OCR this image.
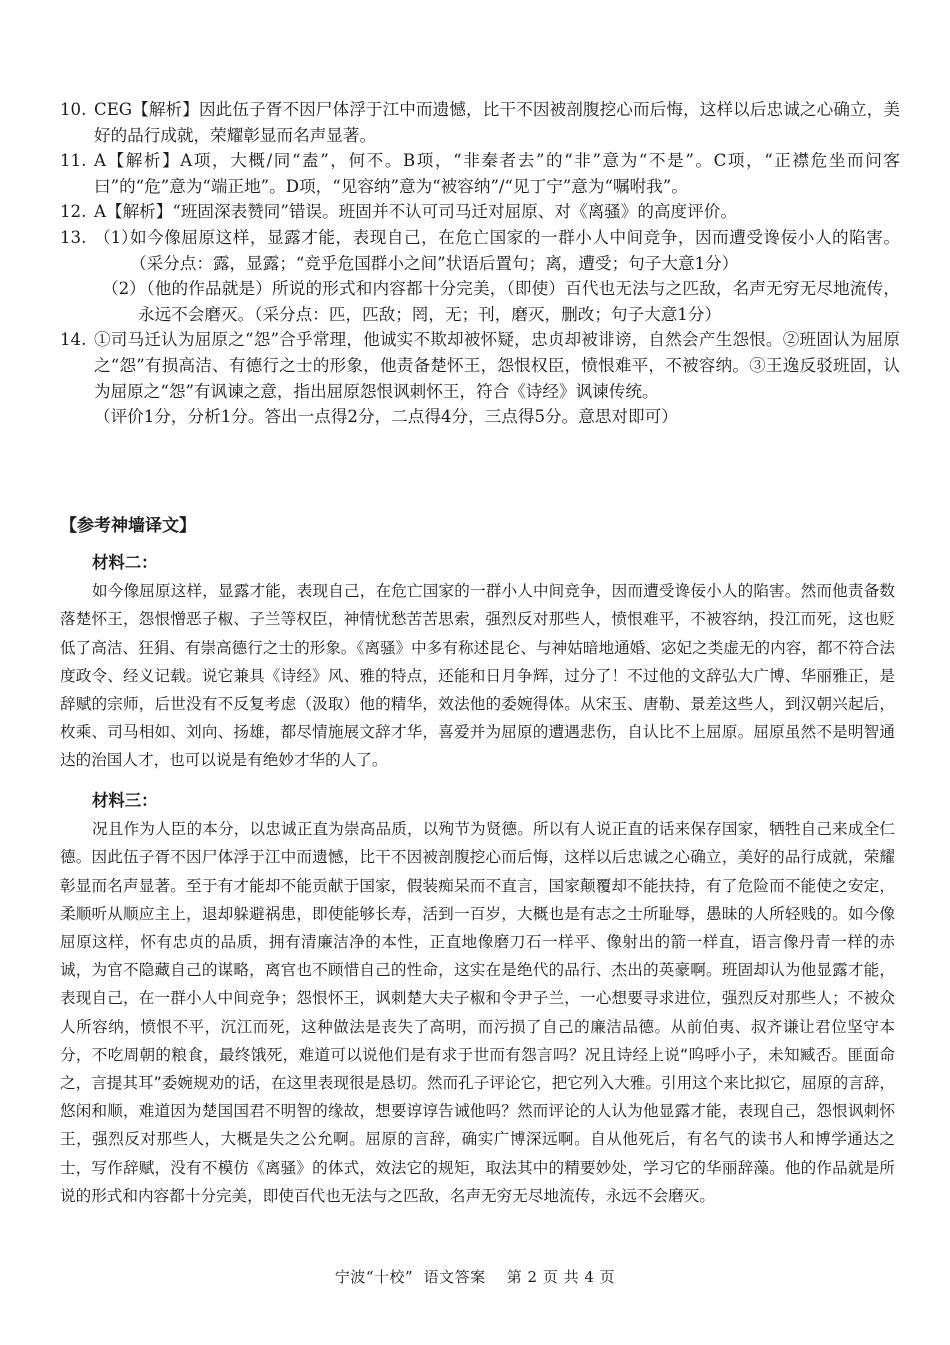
10. CEG【解析】因此伍子胥不因尸体浮于江中而遗憾，比干不因被剖腹挖心而后悔，这样以后忠诚之心确立，美好的品行成就，荣耀彰显而名声显著。
11. A【解析】A项，大概/同“盍”，何不。B项，“非秦者去”的“非”意为“不是”。C项，“正襟危坐而问客曰”的“危”意为“端正地”。D项，“见容纳”意为“被容纳”/“见丁宁”意为“嘱咐我”。
12. A【解析】“班固深表赞同”错误。班固并不认可司马迁对屈原、对《离骚》的高度评价。
13. （1）
如今像屈原这样，显露才能，表现自己，在危亡国家的一群小人中间竞争，因而遭受谗佞小人的陷害。（采分点：露，显露；“竞乎危国群小之间”状语后置句；离，遭受；句子大意1分）
（2）
（他的作品就是）所说的形式和内容都十分完美，（即使）百代也无法与之匹敌，名声无穷无尽地流传，永远不会磨灭。（采分点：匹，匹敌；罔，无；刊，磨灭，删改；句子大意1分）
14. ①司马迁认为屈原之“怨”合乎常理，他诚实不欺却被怀疑，忠贞却被诽谤，自然会产生怨恨。②班固认为屈原之“怨”有损高洁、有德行之士的形象，他责备楚怀王，怨恨权臣，愤恨难平，不被容纳。③王逸反驳班固，认为屈原之“怨”有讽谏之意，指出屈原怨恨讽刺怀王，符合《诗经》讽谏传统。
（评价1分，分析1分。答出一点得2分，二点得4分，三点得5分。意思对即可）
【参考神墙译文】
材料二：
如今像屈原这样，显露才能，表现自己，在危亡国家的一群小人中间竞争，因而遭受谗佞小人的陷害。然而他责备数落楚怀王，怨恨憎恶子椒、子兰等权臣，神情忧愁苦苦思索，强烈反对那些人，愤恨难平，不被容纳，投江而死，这也贬低了高洁、狂狷、有崇高德行之士的形象。《离骚》中多有称述昆仑、与神姑暗地通婚、宓妃之类虚无的内容，都不符合法度政令、经义记载。说它兼具《诗经》风、雅的特点，还能和日月争辉，过分了！不过他的文辞弘大广博、华丽雅正，是辞赋的宗师，后世没有不反复考虑（汲取）他的精华，效法他的委婉得体。从宋玉、唐勒、景差这些人，到汉朝兴起后，枚乘、司马相如、刘向、扬雄，都尽情施展文辞才华，喜爱并为屈原的遭遇悲伤，自认比不上屈原。屈原虽然不是明智通达的治国人才，也可以说是有绝妙才华的人了。
材料三：
况且作为人臣的本分，以忠诚正直为崇高品质，以殉节为贤德。所以有人说正直的话来保存国家，牺牲自己来成全仁德。因此伍子胥不因尸体浮于江中而遗憾，比干不因被剖腹挖心而后悔，这样以后忠诚之心确立，美好的品行成就，荣耀彰显而名声显著。至于有才能却不能贡献于国家，假装痴呆而不直言，国家颠覆却不能扶持，有了危险而不能使之安定，柔顺听从顺应主上，退却躲避祸患，即使能够长寿，活到一百岁，大概也是有志之士所耻辱，愚昧的人所轻贱的。如今像屈原这样，怀有忠贞的品质，拥有清廉洁净的本性，正直地像磨刀石一样平、像射出的箭一样直，语言像丹青一样的赤诚，为官不隐藏自己的谋略，离官也不顾惜自己的性命，这实在是绝代的品行、杰出的英豪啊。班固却认为他显露才能，表现自己，在一群小人中间竞争；怨恨怀王，讽刺楚大夫子椒和令尹子兰，一心想要寻求进位，强烈反对那些人；不被众人所容纳，愤恨不平，沉江而死，这种做法是丧失了高明，而污损了自己的廉洁品德。从前伯夷、叔齐谦让君位坚守本分，不吃周朝的粮食，最终饿死，难道可以说他们是有求于世而有怨言吗？况且诗经上说“呜呼小子，未知臧否。匪面命之，言提其耳”委婉规劝的话，在这里表现很是恳切。然而孔子评论它，把它列入大雅。引用这个来比拟它，屈原的言辞，悠闲和顺，难道因为楚国国君不明智的缘故，想要谆谆告诫他吗？然而评论的人认为他显露才能，表现自己，怨恨讽刺怀王，强烈反对那些人，大概是失之公允啊。屈原的言辞，确实广博深远啊。自从他死后，有名气的读书人和博学通达之士，写作辞赋，没有不模仿《离骚》的体式，效法它的规矩，取法其中的精要妙处，学习它的华丽辞藻。他的作品就是所说的形式和内容都十分完美，即使百代也无法与之匹敌，名声无穷无尽地流传，永远不会磨灭。
宁波“十校”  语文答案    第 2 页 共 4 页
